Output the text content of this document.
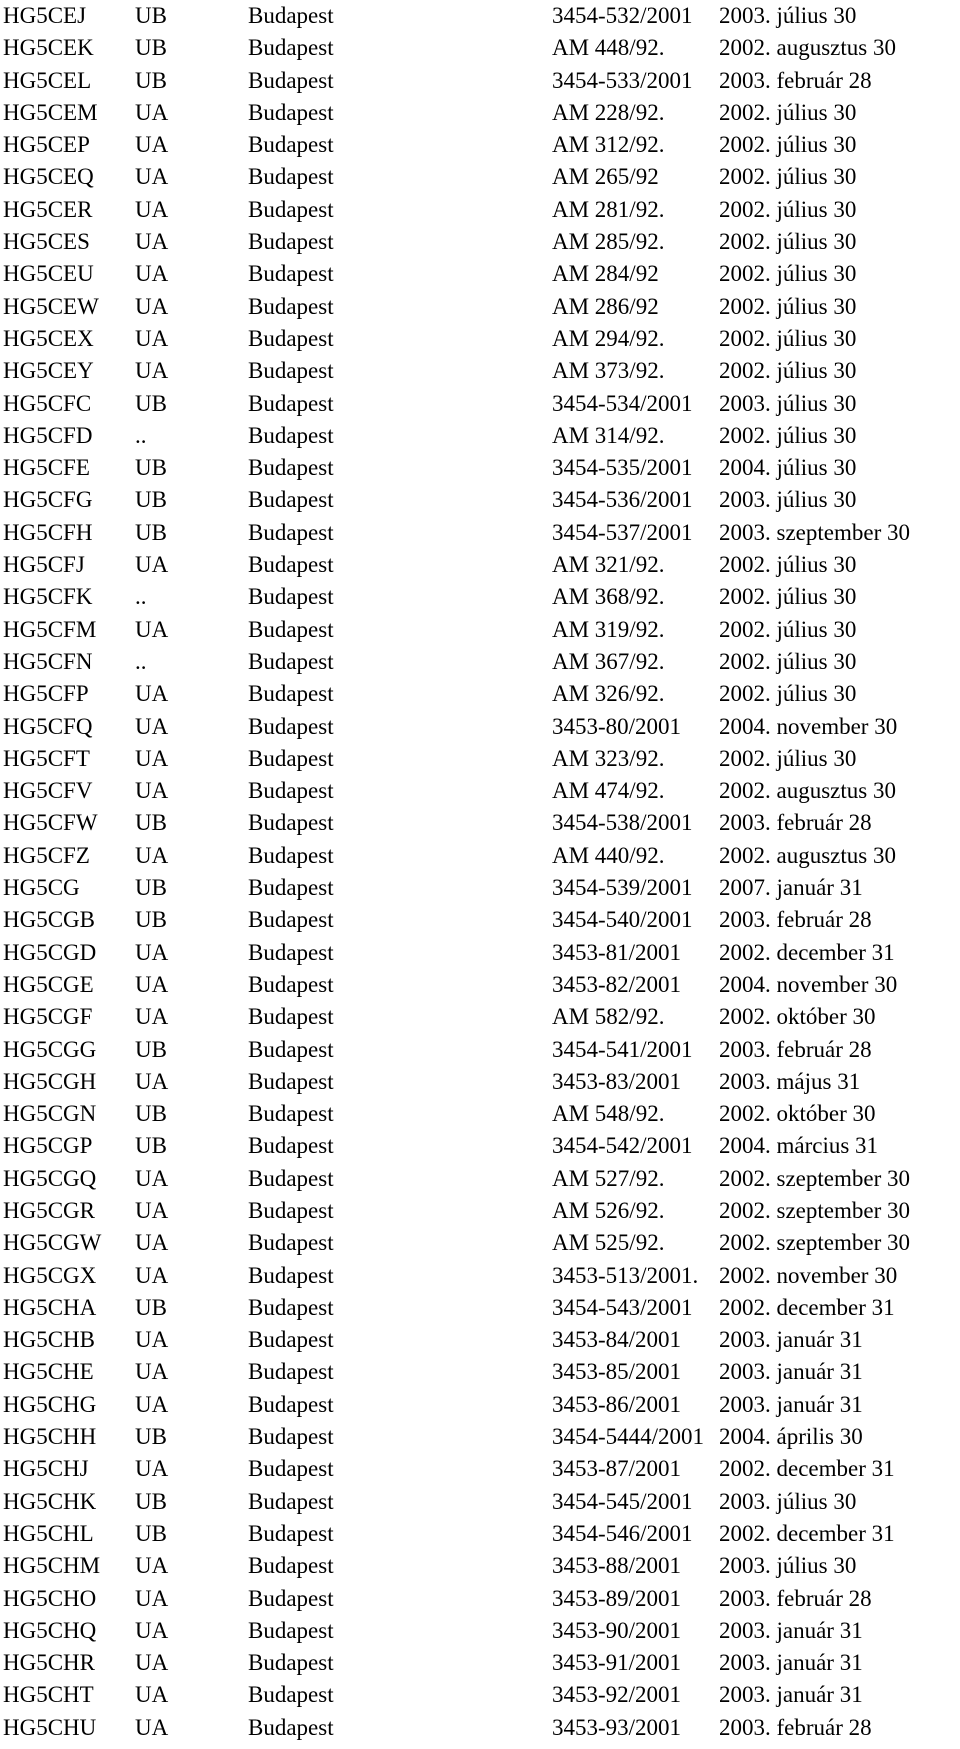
HG5CEJ UB	Budapest	3454-532/2001 2003. július 30
HG5CEK UB	Budapest	AM 448/92. 2002. augusztus 30
HG5CEL UB	Budapest	3454-533/2001 2003. február 28
HG5CEM UA	Budapest	AM 228/92. 2002. július 30
HG5CEP UA	Budapest	AM 312/92. 2002. július 30
HG5CEQ UA	Budapest	AM 265/92	2002. július 30
HG5CER UA	Budapest	AM 281/92. 2002. július 30
HG5CES UA	Budapest	AM 285/92. 2002. július 30
HG5CEU UA	Budapest	AM 284/92	2002. július 30
HG5CEW UA	Budapest	AM 286/92	2002. július 30
HG5CEX UA	Budapest	AM 294/92. 2002. július 30
HG5CEY UA	Budapest	AM 373/92. 2002. július 30
HG5CFC UB	Budapest	3454-534/2001 2003. július 30
HG5CFD ..	Budapest	AM 314/92. 2002. július 30
HG5CFE UB	Budapest	3454-535/2001 2004. július 30
HG5CFG UB	Budapest	3454-536/2001 2003. július 30
HG5CFH UB	Budapest	3454-537/2001 2003. szeptember 30
HG5CFJ UA	Budapest	AM 321/92. 2002. július 30
HG5CFK ..	Budapest	AM 368/92. 2002. július 30
HG5CFM UA	Budapest	AM 319/92. 2002. július 30
HG5CFN ..	Budapest	AM 367/92. 2002. július 30
HG5CFP UA	Budapest	AM 326/92. 2002. július 30
HG5CFQ UA	Budapest	3453-80/2001 2004. november 30
HG5CFT UA	Budapest	AM 323/92. 2002. július 30
HG5CFV UA	Budapest	AM 474/92. 2002. augusztus 30
HG5CFW UB	Budapest	3454-538/2001 2003. február 28
HG5CFZ UA	Budapest	AM 440/92. 2002. augusztus 30
HG5CG UB	Budapest	3454-539/2001 2007. január 31
HG5CGB UB	Budapest	3454-540/2001 2003. február 28
HG5CGD UA	Budapest	3453-81/2001 2002. december 31
HG5CGE UA	Budapest	3453-82/2001 2004. november 30
HG5CGF UA	Budapest	AM 582/92. 2002. október 30
HG5CGG UB	Budapest	3454-541/2001 2003. február 28
HG5CGH UA	Budapest	3453-83/2001 2003. május 31
HG5CGN UB	Budapest	AM 548/92. 2002. október 30
HG5CGP UB	Budapest	3454-542/2001 2004. március 31
HG5CGQ UA	Budapest	AM 527/92. 2002. szeptember 30
HG5CGR UA	Budapest	AM 526/92. 2002. szeptember 30
HG5CGW UA	Budapest	AM 525/92. 2002. szeptember 30
HG5CGX UA	Budapest	3453-513/2001. 2002. november 30
HG5CHA UB	Budapest	3454-543/2001 2002. december 31
HG5CHB UA	Budapest	3453-84/2001 2003. január 31
HG5CHE UA	Budapest	3453-85/2001 2003. január 31
HG5CHG UA	Budapest	3453-86/2001 2003. január 31
HG5CHH UB	Budapest	3454-5444/2001 2004. április 30
HG5CHJ UA	Budapest	3453-87/2001 2002. december 31
HG5CHK UB	Budapest	3454-545/2001 2003. július 30
HG5CHL UB	Budapest	3454-546/2001 2002. december 31
HG5CHM UA	Budapest	3453-88/2001 2003. július 30
HG5CHO UA	Budapest	3453-89/2001 2003. február 28
HG5CHQ UA	Budapest	3453-90/2001 2003. január 31
HG5CHR UA	Budapest	3453-91/2001 2003. január 31
HG5CHT UA	Budapest	3453-92/2001 2003. január 31
HG5CHU UA	Budapest	3453-93/2001 2003. február 28
